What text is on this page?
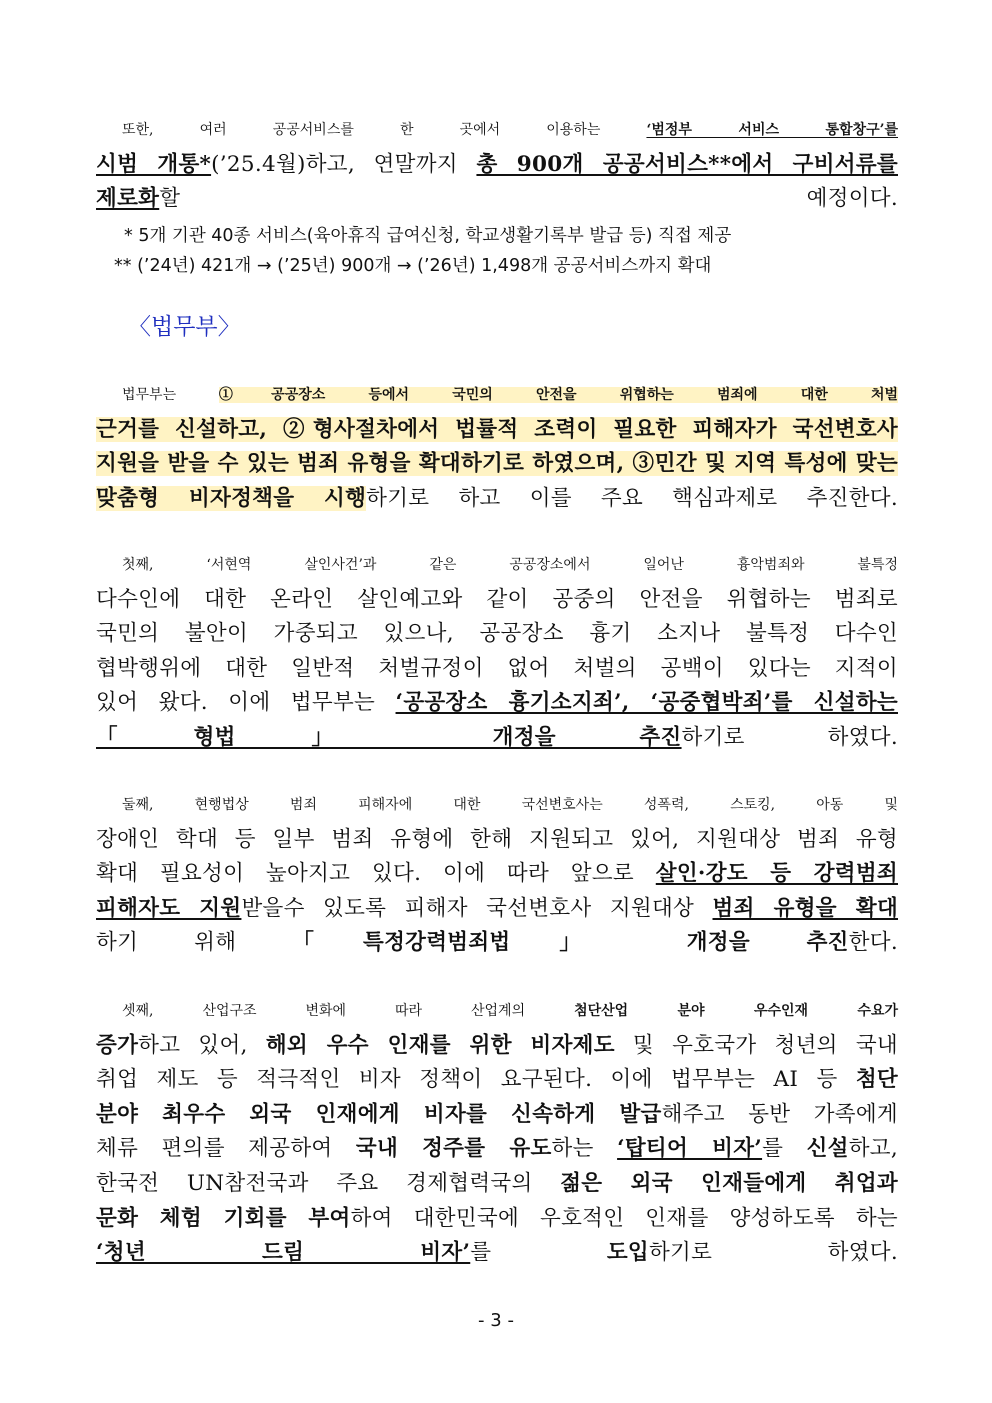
또한, 여러 공공서비스를 한 곳에서 이용하는 ‘범정부 서비스 통합창구’를
시범 개통*(’25.4월)하고, 연말까지 총 900개 공공서비스**에서 구비서류를
제로화할 예정이다.
* 5개 기관 40종 서비스(육아휴직 급여신청, 학교생활기록부 발급 등) 직접 제공
** (’24년) 421개 → (’25년) 900개 → (’26년) 1,498개 공공서비스까지 확대
〈법무부〉
법무부는 ①공공장소 등에서 국민의 안전을 위협하는 범죄에 대한 처벌
근거를 신설하고, ②형사절차에서 법률적 조력이 필요한 피해자가 국선변호사
지원을 받을 수 있는 범죄 유형을 확대하기로 하였으며, ③민간 및 지역 특성에 맞는
맞춤형 비자정책을 시행하기로 하고 이를 주요 핵심과제로 추진한다.
첫째, ‘서현역 살인사건’과 같은 공공장소에서 일어난 흉악범죄와 불특정
다수인에 대한 온라인 살인예고와 같이 공중의 안전을 위협하는 범죄로
국민의 불안이 가중되고 있으나, 공공장소 흉기 소지나 불특정 다수인
협박행위에 대한 일반적 처벌규정이 없어 처벌의 공백이 있다는 지적이
있어 왔다. 이에 법무부는 ‘공공장소 흉기소지죄’, ‘공중협박죄’를 신설하는
「형법」 개정을 추진하기로 하였다.
둘째, 현행법상 범죄 피해자에 대한 국선변호사는 성폭력, 스토킹, 아동 및
장애인 학대 등 일부 범죄 유형에 한해 지원되고 있어, 지원대상 범죄 유형
확대 필요성이 높아지고 있다. 이에 따라 앞으로 살인·강도 등 강력범죄
피해자도 지원받을수 있도록 피해자 국선변호사 지원대상 범죄 유형을 확대
하기 위해 「특정강력범죄법」 개정을 추진한다.
셋째, 산업구조 변화에 따라 산업계의 첨단산업 분야 우수인재 수요가
증가하고 있어, 해외 우수 인재를 위한 비자제도 및 우호국가 청년의 국내
취업 제도 등 적극적인 비자 정책이 요구된다. 이에 법무부는 AI 등 첨단
분야 최우수 외국 인재에게 비자를 신속하게 발급해주고 동반 가족에게
체류 편의를 제공하여 국내 정주를 유도하는 ‘탑티어 비자’를 신설하고,
한국전 UN참전국과 주요 경제협력국의 젊은 외국 인재들에게 취업과
문화 체험 기회를 부여하여 대한민국에 우호적인 인재를 양성하도록 하는
‘청년 드림 비자’를 도입하기로 하였다.
- 3 -
